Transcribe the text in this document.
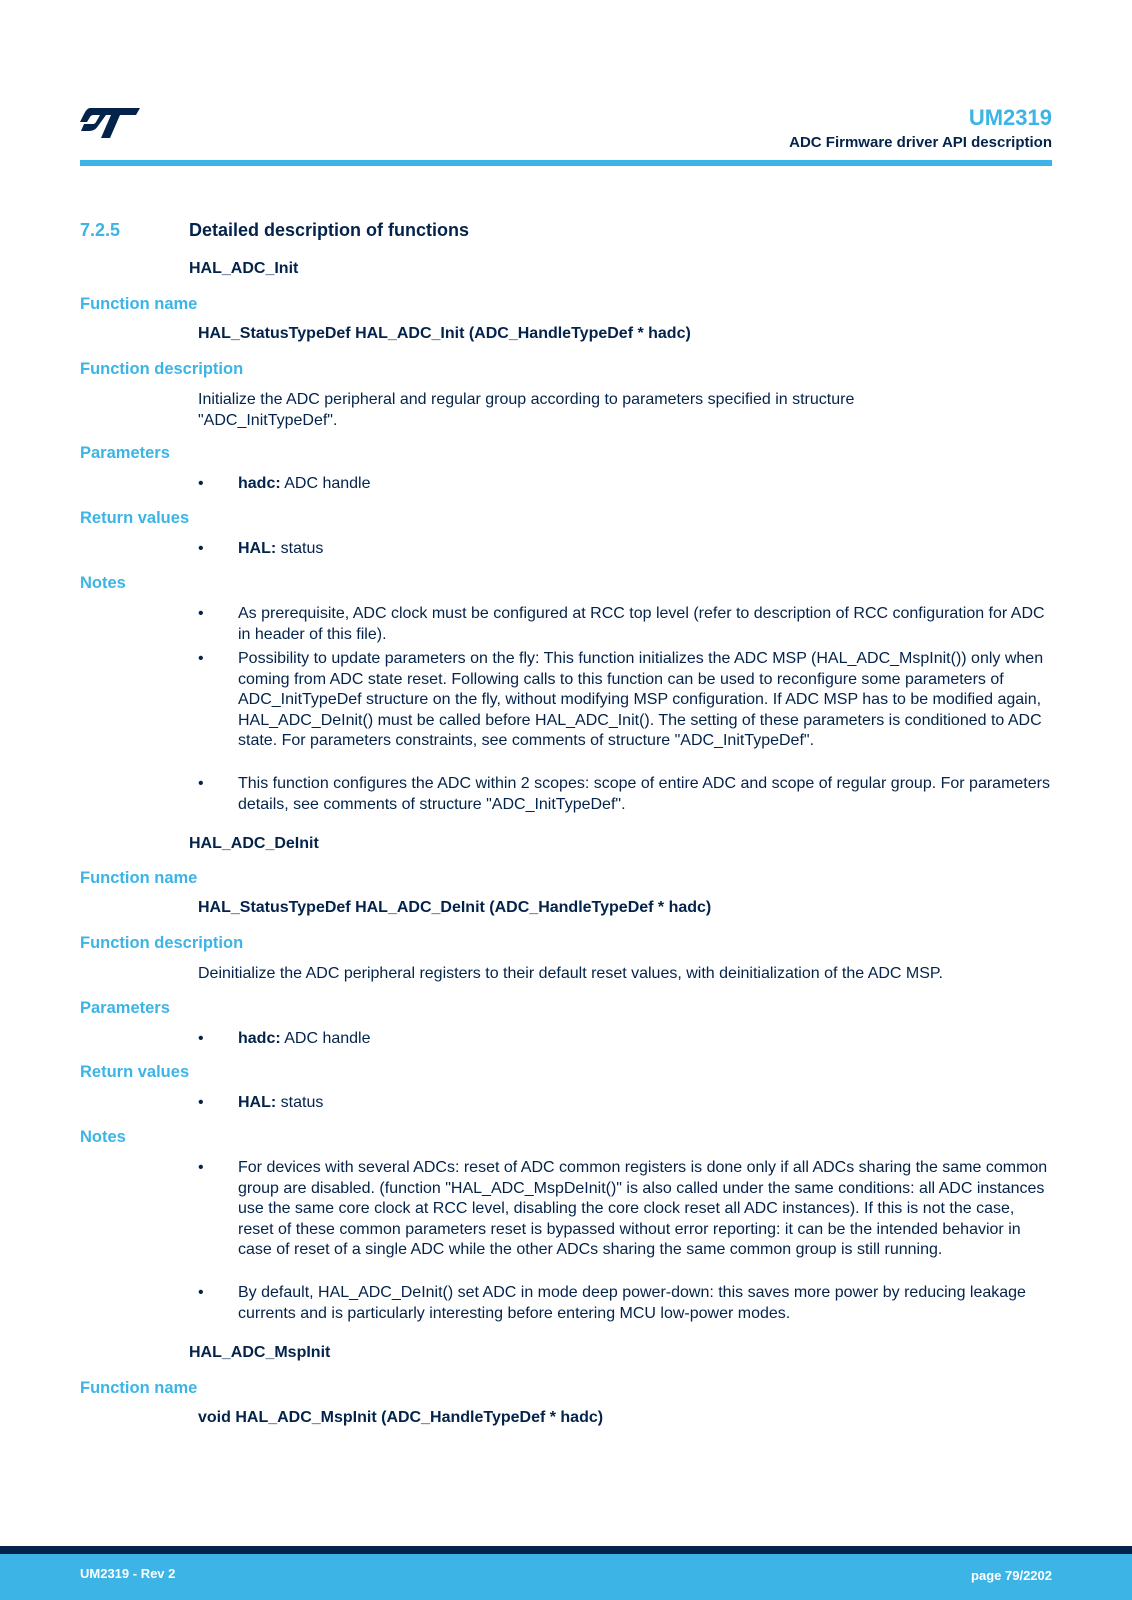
UM2319
ADC Firmware driver API description
7.2.5	Detailed description of functions
HAL_ADC_Init
Function name
HAL_StatusTypeDef HAL_ADC_Init (ADC_HandleTypeDef * hadc)
Function description
Initialize the ADC peripheral and regular group according to parameters specified in structure "ADC_InitTypeDef".
Parameters
•	hadc: ADC handle
Return values
•	HAL: status
Notes
•	As prerequisite, ADC clock must be configured at RCC top level (refer to description of RCC configuration for ADC in header of this file).
•	Possibility to update parameters on the fly: This function initializes the ADC MSP (HAL_ADC_MspInit()) only when coming from ADC state reset. Following calls to this function can be used to reconfigure some parameters of ADC_InitTypeDef structure on the fly, without modifying MSP configuration. If ADC MSP has to be modified again, HAL_ADC_DeInit() must be called before HAL_ADC_Init(). The setting of these parameters is conditioned to ADC state. For parameters constraints, see comments of structure "ADC_InitTypeDef".
•	This function configures the ADC within 2 scopes: scope of entire ADC and scope of regular group. For parameters details, see comments of structure "ADC_InitTypeDef".
HAL_ADC_DeInit
Function name
HAL_StatusTypeDef HAL_ADC_DeInit (ADC_HandleTypeDef * hadc)
Function description
Deinitialize the ADC peripheral registers to their default reset values, with deinitialization of the ADC MSP.
Parameters
•	hadc: ADC handle
Return values
•	HAL: status
Notes
•	For devices with several ADCs: reset of ADC common registers is done only if all ADCs sharing the same common group are disabled. (function "HAL_ADC_MspDeInit()" is also called under the same conditions: all ADC instances use the same core clock at RCC level, disabling the core clock reset all ADC instances). If this is not the case, reset of these common parameters reset is bypassed without error reporting: it can be the intended behavior in case of reset of a single ADC while the other ADCs sharing the same common group is still running.
•	By default, HAL_ADC_DeInit() set ADC in mode deep power-down: this saves more power by reducing leakage currents and is particularly interesting before entering MCU low-power modes.
HAL_ADC_MspInit
Function name
void HAL_ADC_MspInit (ADC_HandleTypeDef * hadc)
UM2319 - Rev 2	page 79/2202
